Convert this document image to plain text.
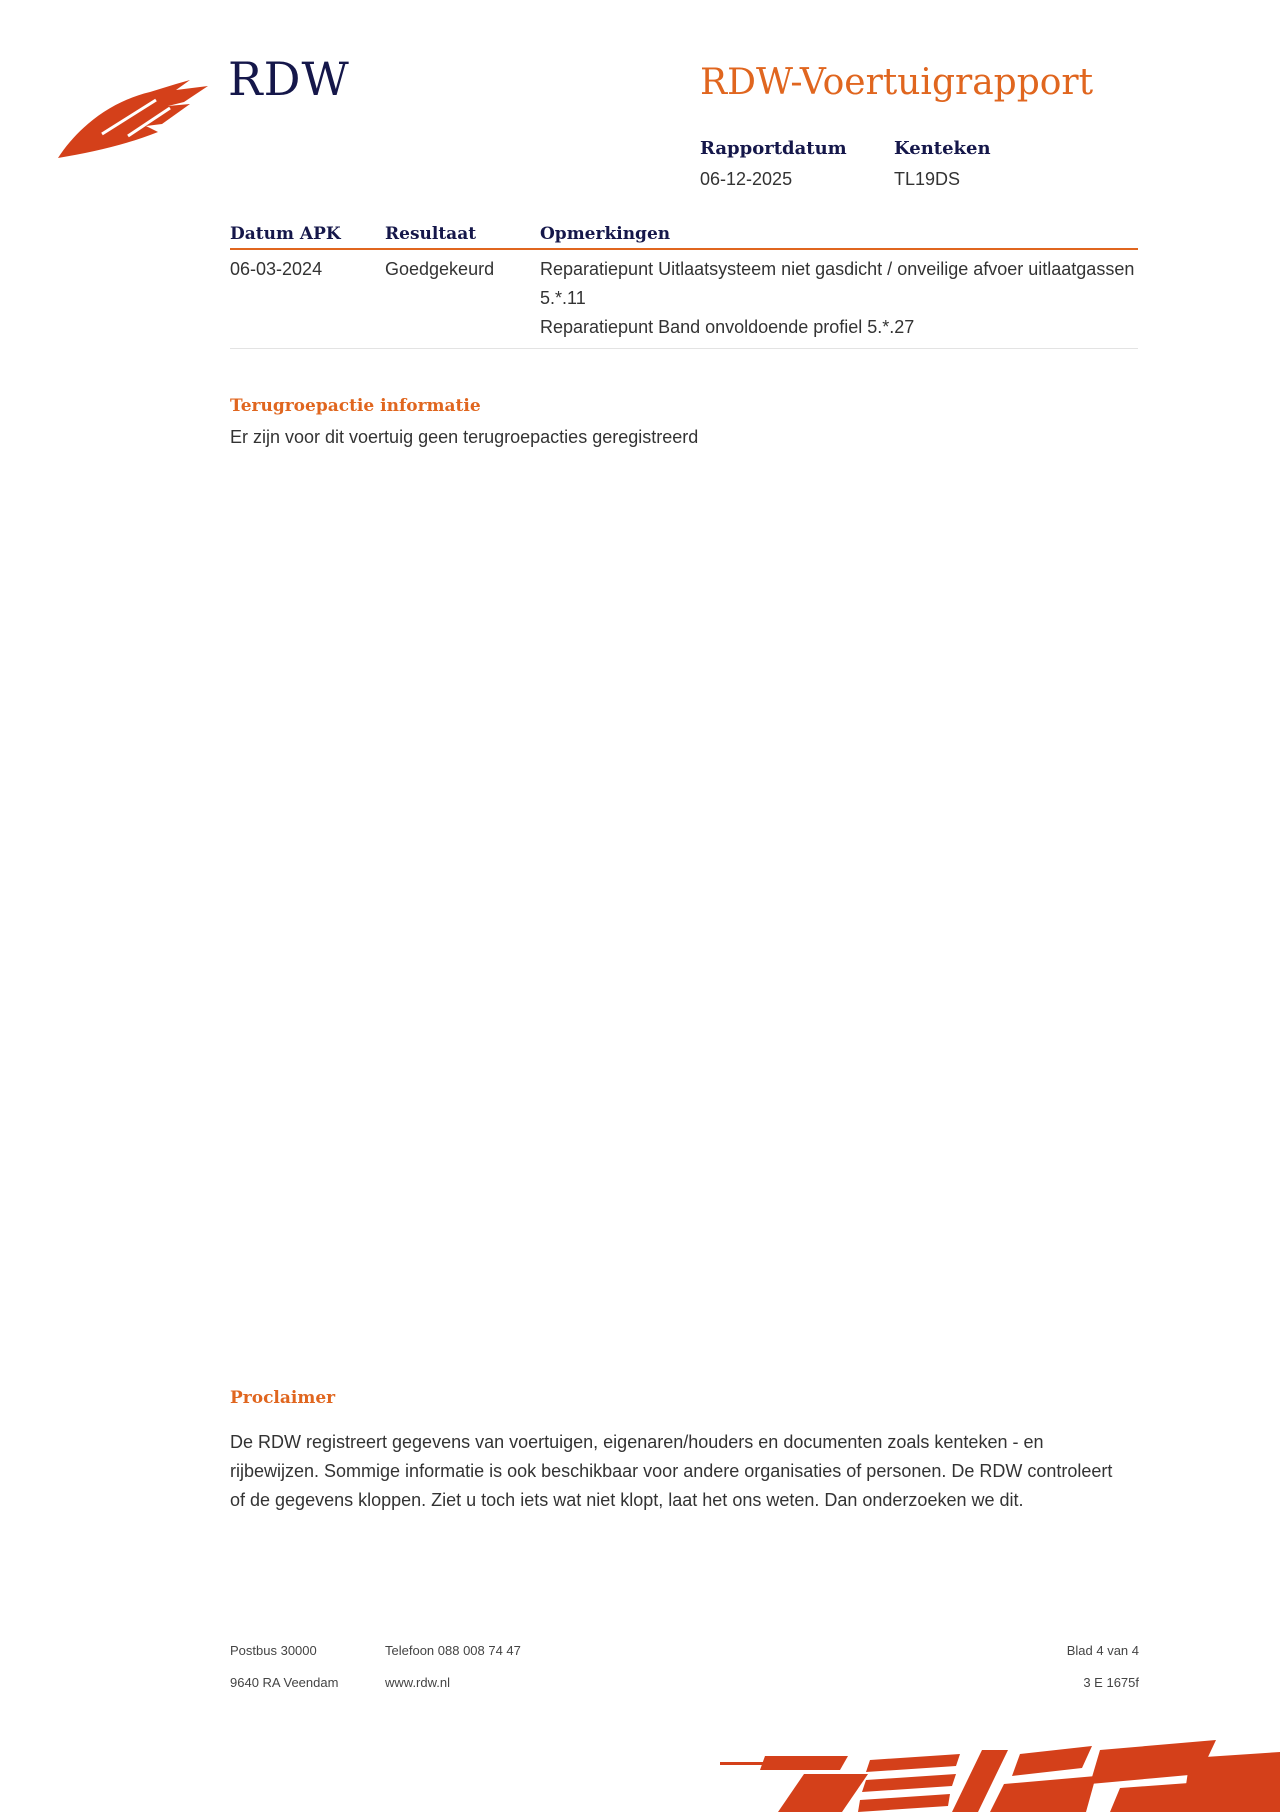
RDW	RDW-Voertuigrapport
Rapportdatum
06-12-2025
Kenteken
TL19DS
Datum APK	Resultaat	Opmerkingen
06-03-2024	Goedgekeurd	Reparatiepunt Uitlaatsysteem niet gasdicht / onveilige afvoer uitlaatgassen 5.*.11
Reparatiepunt Band onvoldoende profiel 5.*.27
Terugroepactie informatie
Er zijn voor dit voertuig geen terugroepacties geregistreerd
Proclaimer
De RDW registreert gegevens van voertuigen, eigenaren/houders en documenten zoals kenteken - en rijbewijzen. Sommige informatie is ook beschikbaar voor andere organisaties of personen. De RDW controleert of de gegevens kloppen. Ziet u toch iets wat niet klopt, laat het ons weten. Dan onderzoeken we dit.
Postbus 30000
9640 RA Veendam
Telefoon 088 008 74 47
www.rdw.nl
Blad 4 van 4
3 E 1675f
